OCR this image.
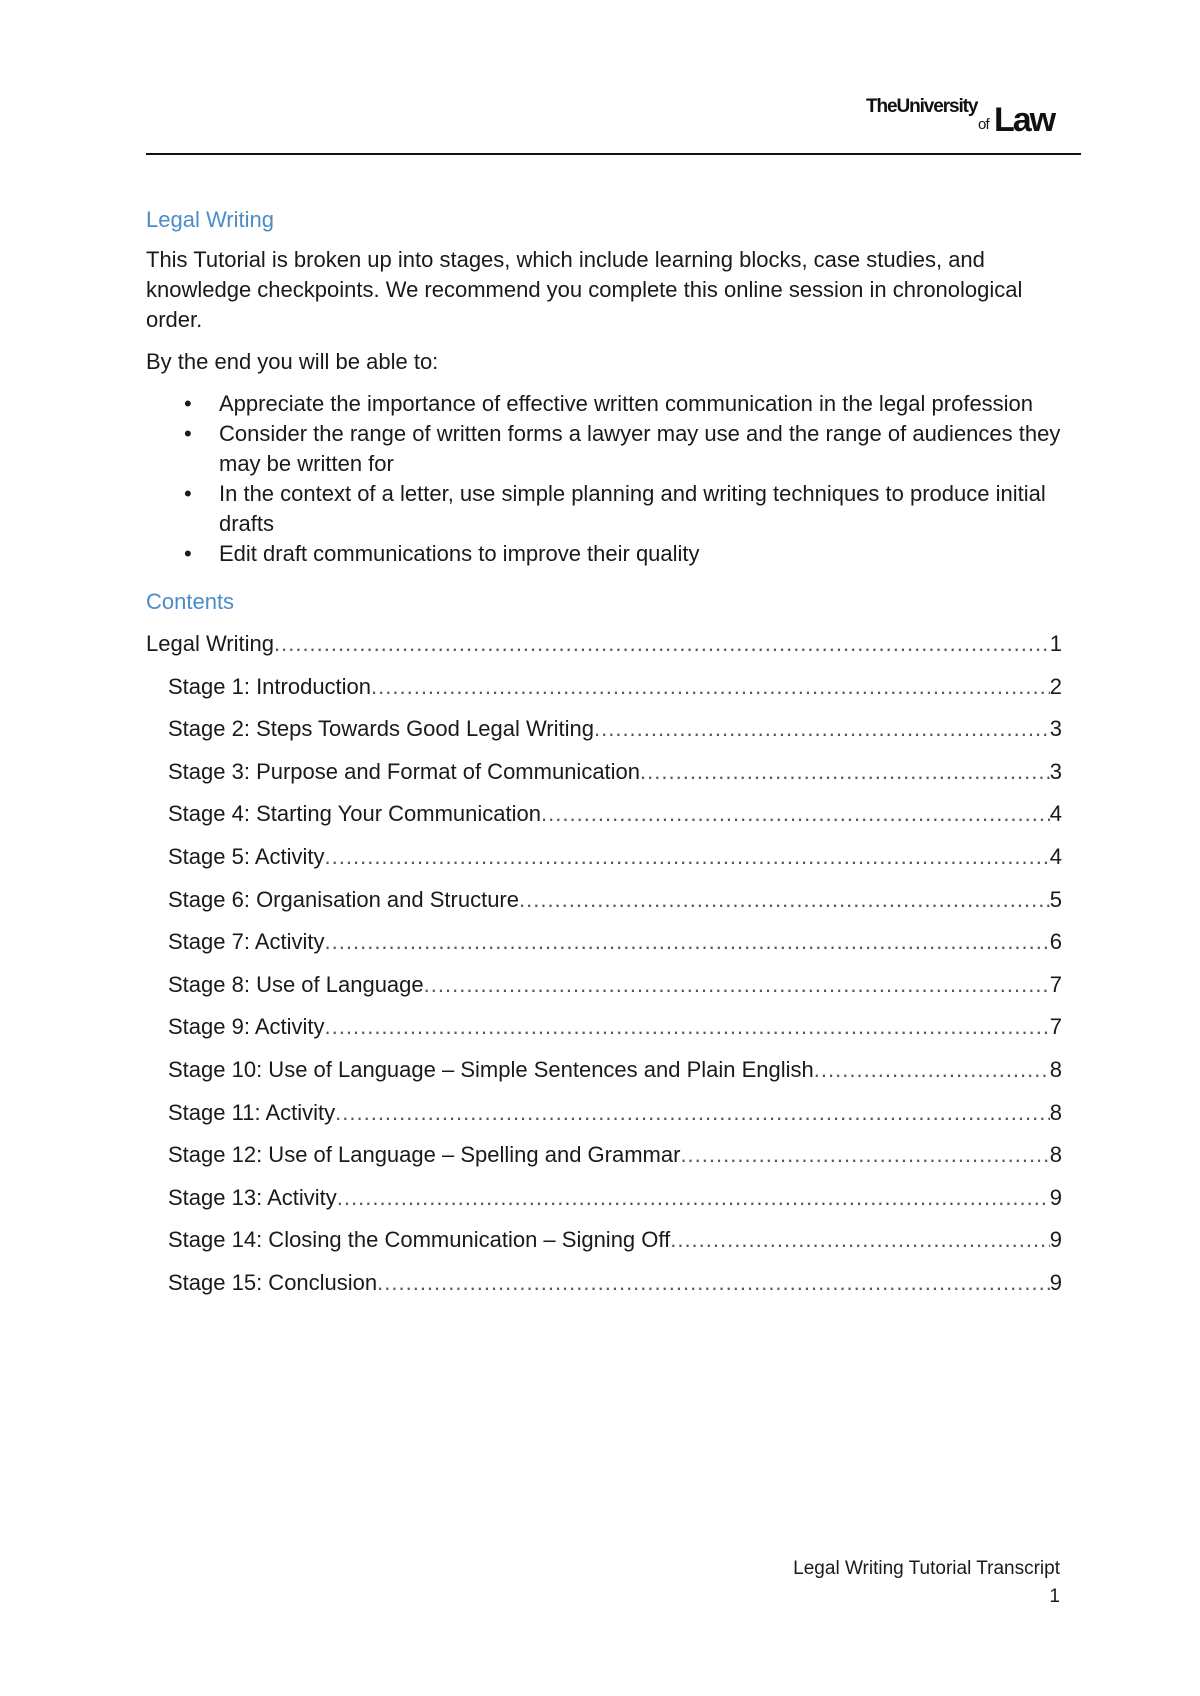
TheUniversity
of Law
Legal Writing

This Tutorial is broken up into stages, which include learning blocks, case studies, and knowledge checkpoints. We recommend you complete this online session in chronological order.

By the end you will be able to:

• Appreciate the importance of effective written communication in the legal profession
• Consider the range of written forms a lawyer may use and the range of audiences they may be written for
• In the context of a letter, use simple planning and writing techniques to produce initial drafts
• Edit draft communications to improve their quality
Contents
Legal Writing .....	1
Stage 1: Introduction .....	2
Stage 2: Steps Towards Good Legal Writing .....	3
Stage 3: Purpose and Format of Communication .....	3
Stage 4: Starting Your Communication .....	4
Stage 5: Activity .....	4
Stage 6: Organisation and Structure .....	5
Stage 7: Activity .....	6
Stage 8: Use of Language .....	7
Stage 9: Activity .....	7
Stage 10: Use of Language – Simple Sentences and Plain English .....	8
Stage 11: Activity .....	8
Stage 12: Use of Language – Spelling and Grammar .....	8
Stage 13: Activity .....	9
Stage 14: Closing the Communication – Signing Off .....	9
Stage 15: Conclusion .....	9
Legal Writing Tutorial Transcript
1
